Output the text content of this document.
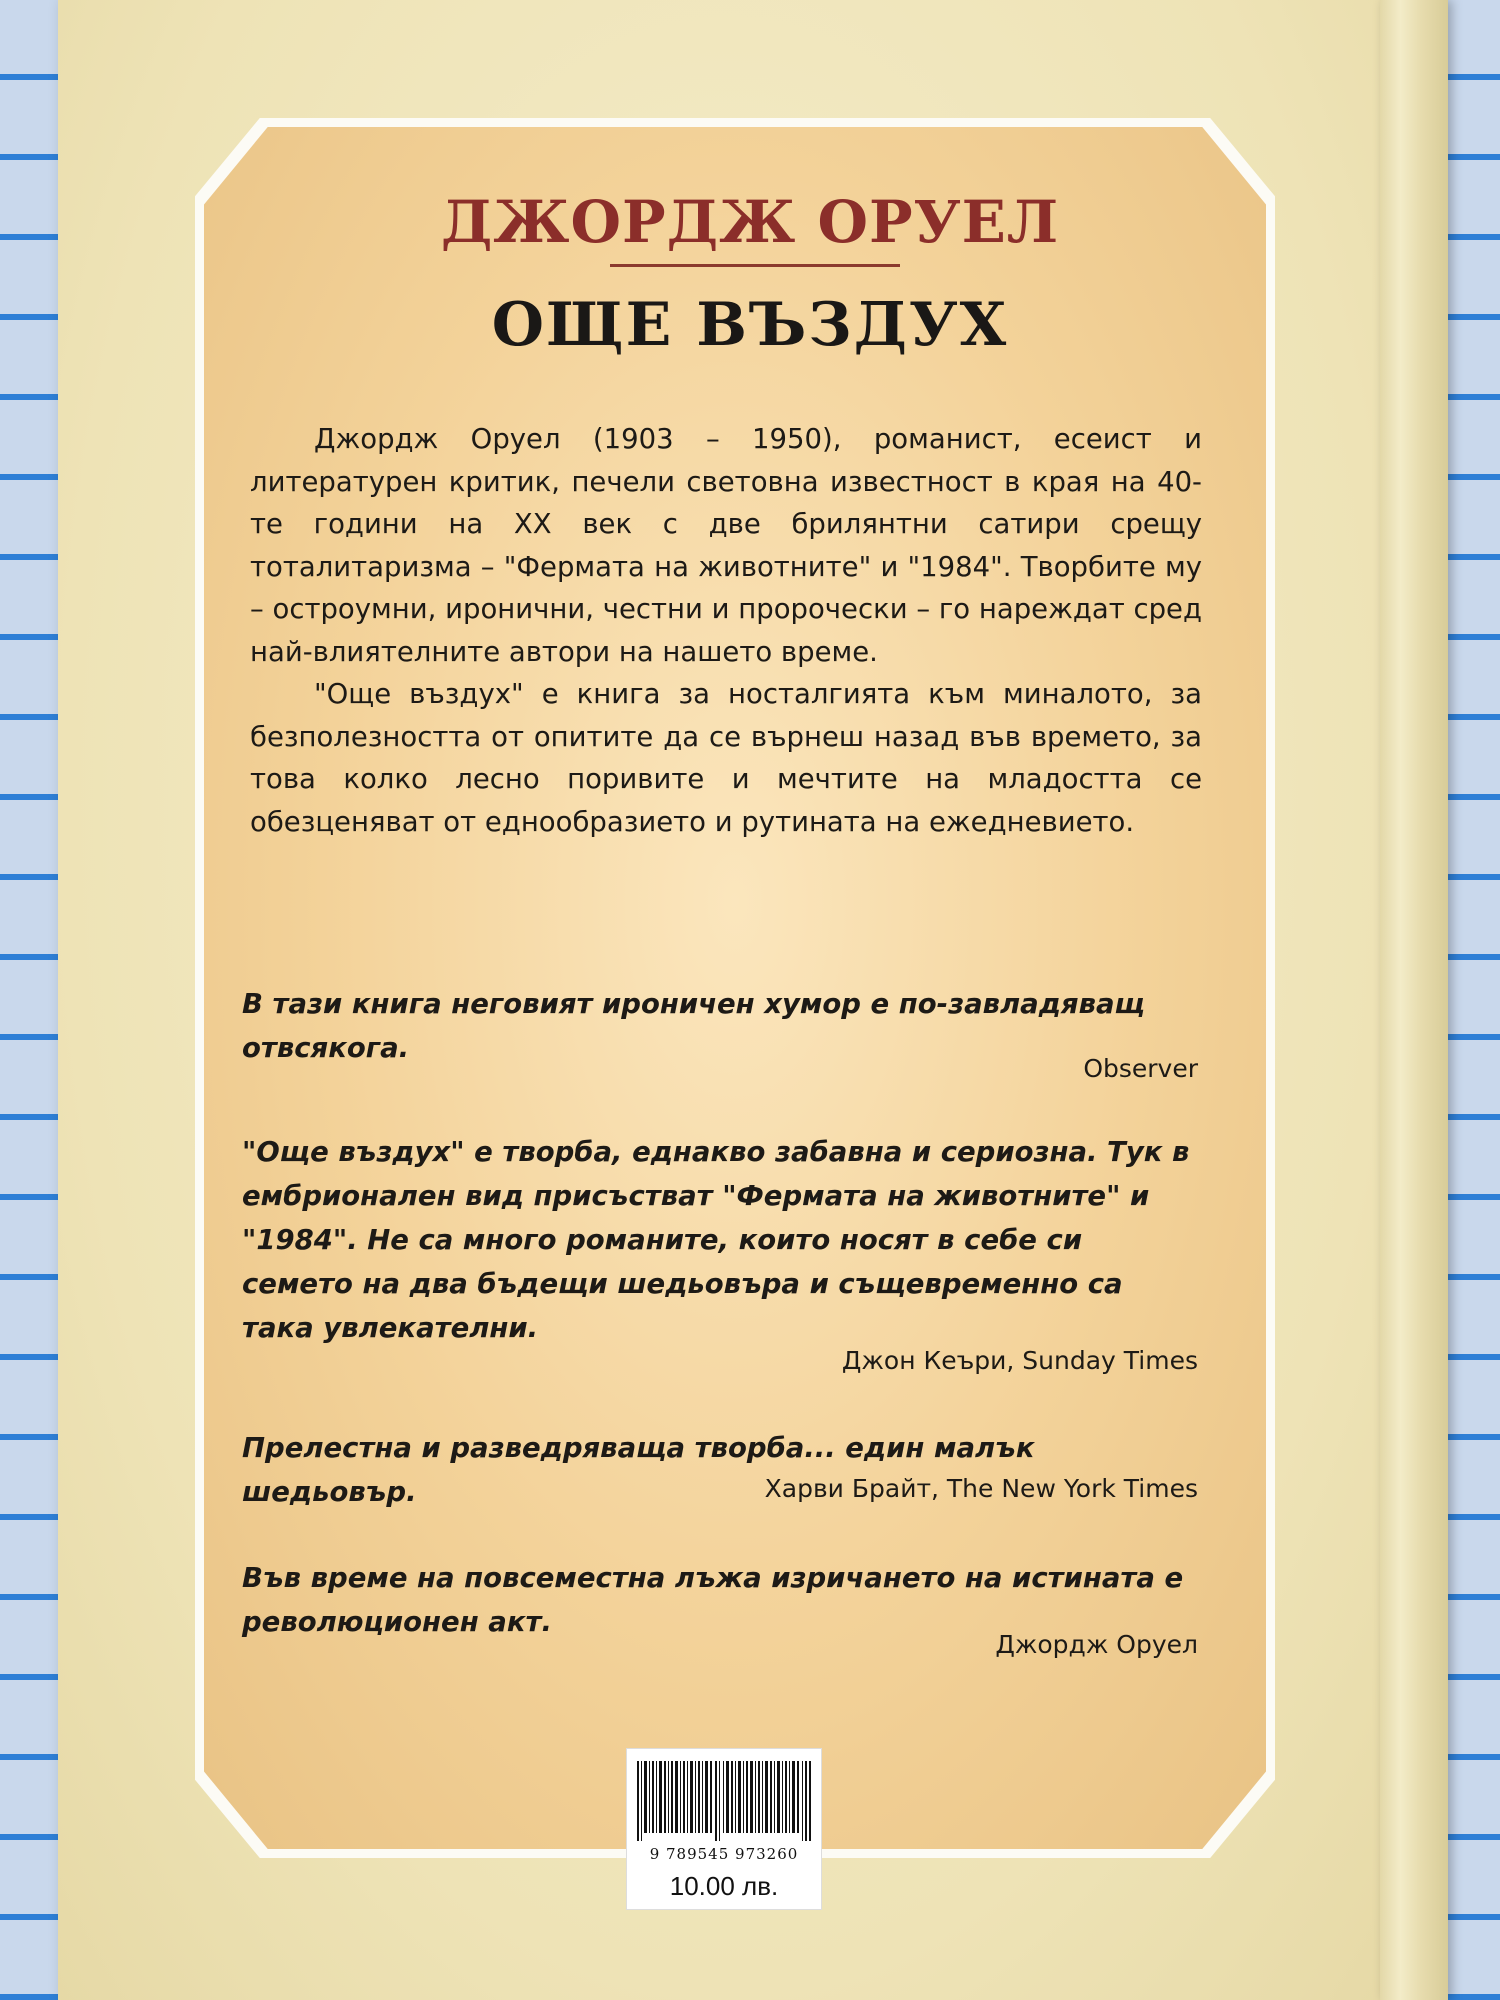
ДЖОРДЖ ОРУЕЛ
ОЩЕ ВЪЗДУХ

Джордж Оруел (1903 – 1950), романист, есеист и литературен критик, печели световна известност в края на 40-те години на XX век с две брилянтни сатири срещу тоталитаризма – "Фермата на животните" и "1984". Творбите му – остроумни, иронични, честни и пророчески – го нареждат сред най-влиятелните автори на нашето време.

"Още въздух" е книга за носталгията към миналото, за безполезността от опитите да се върнеш назад във времето, за това колко лесно поривите и мечтите на младостта се обезценяват от еднообразието и рутината на ежедневието.

В тази книга неговият ироничен хумор е по-завладяващ отвсякога.
Observer
"Още въздух" е творба, еднакво забавна и сериозна. Тук в ембрионален вид присъстват "Фермата на животните" и "1984". Не са много романите, които носят в себе си семето на два бъдещи шедьовъра и същевременно са така увлекателни.
Джон Кеъри, Sunday Times
Прелестна и разведряваща творба... един малък шедьовър.	Харви Брайт, The New York Times
Във време на повсеместна лъжа изричането на истината е революционен акт.
Джордж Оруел
9 789545 973260
10.00 лв.
